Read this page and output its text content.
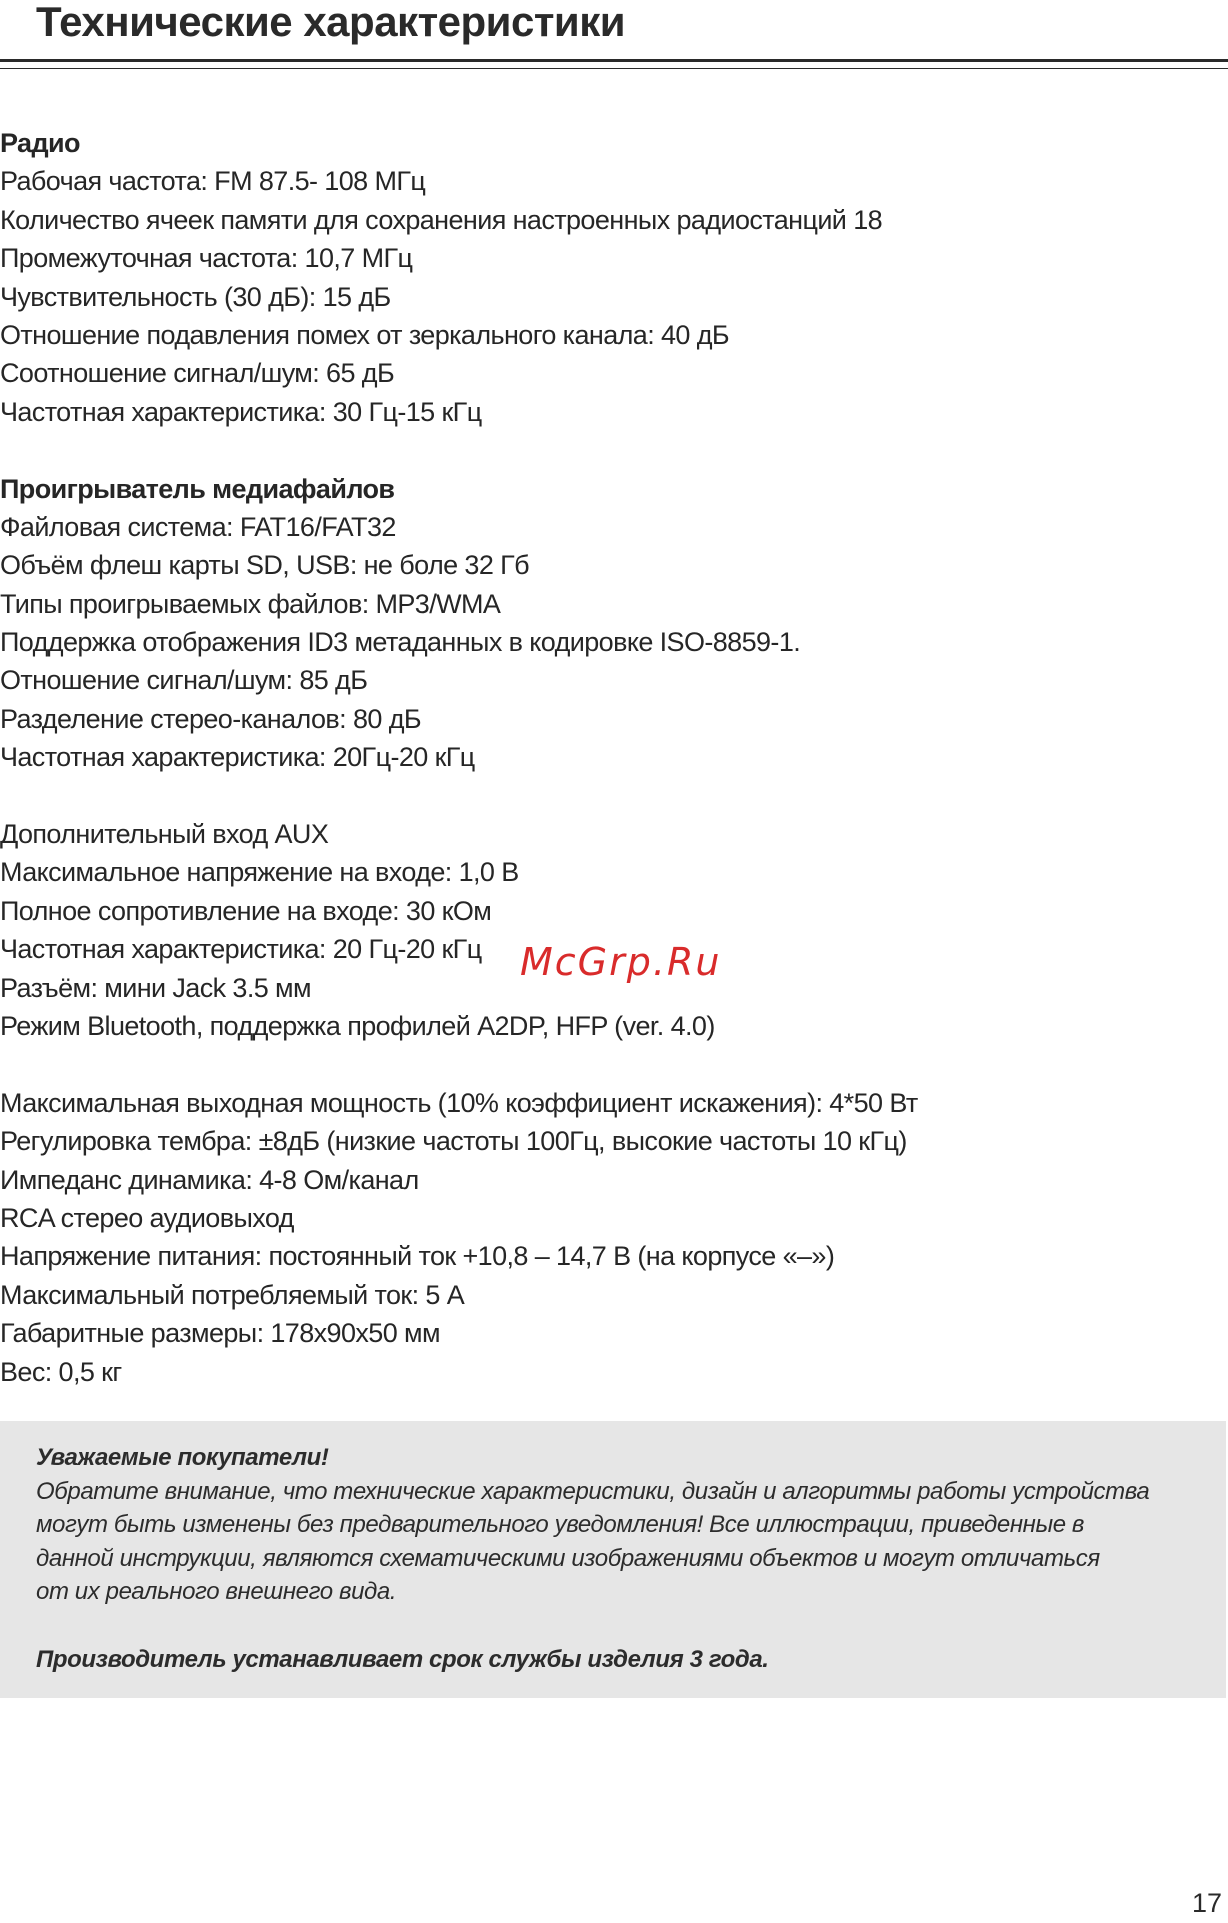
Технические характеристики
Радио
Рабочая частота: FM 87.5- 108 МГц
Количество ячеек памяти для сохранения настроенных радиостанций 18
Промежуточная частота: 10,7 МГц
Чувствительность (30 дБ): 15 дБ
Отношение подавления помех от зеркального канала: 40 дБ
Соотношение сигнал/шум: 65 дБ
Частотная характеристика: 30 Гц-15 кГц
Проигрыватель медиафайлов
Файловая система: FAT16/FAT32
Объём флеш карты SD, USB: не боле 32 Гб
Типы проигрываемых файлов: MP3/WMA
Поддержка отображения ID3 метаданных в кодировке ISO-8859-1.
Отношение сигнал/шум: 85 дБ
Разделение стерео-каналов: 80 дБ
Частотная характеристика: 20Гц-20 кГц
Дополнительный вход AUX
Максимальное напряжение на входе: 1,0 В
Полное сопротивление на входе: 30 кОм
Частотная характеристика: 20 Гц-20 кГц
Разъём: мини Jack 3.5 мм
Режим Bluetooth, поддержка профилей A2DP, HFP (ver. 4.0)
Максимальная выходная мощность (10% коэффициент искажения): 4*50 Вт
Регулировка тембра: ±8дБ (низкие частоты 100Гц, высокие частоты 10 кГц)
Импеданс динамика: 4-8 Ом/канал
RCA стерео аудиовыход
Напряжение питания: постоянный ток +10,8 – 14,7 В (на корпусе «–»)
Максимальный потребляемый ток: 5 А
Габаритные размеры: 178х90х50 мм
Вес: 0,5 кг
McGrp.Ru

Уважаемые покупатели!

Обратите внимание, что технические характеристики, дизайн и алгоритмы работы устройства

могут быть изменены без предварительного уведомления! Все иллюстрации, приведенные в

данной инструкции, являются схематическими изображениями объектов и могут отличаться

от их реального внешнего вида.

Производитель устанавливает срок службы изделия 3 года.

17
